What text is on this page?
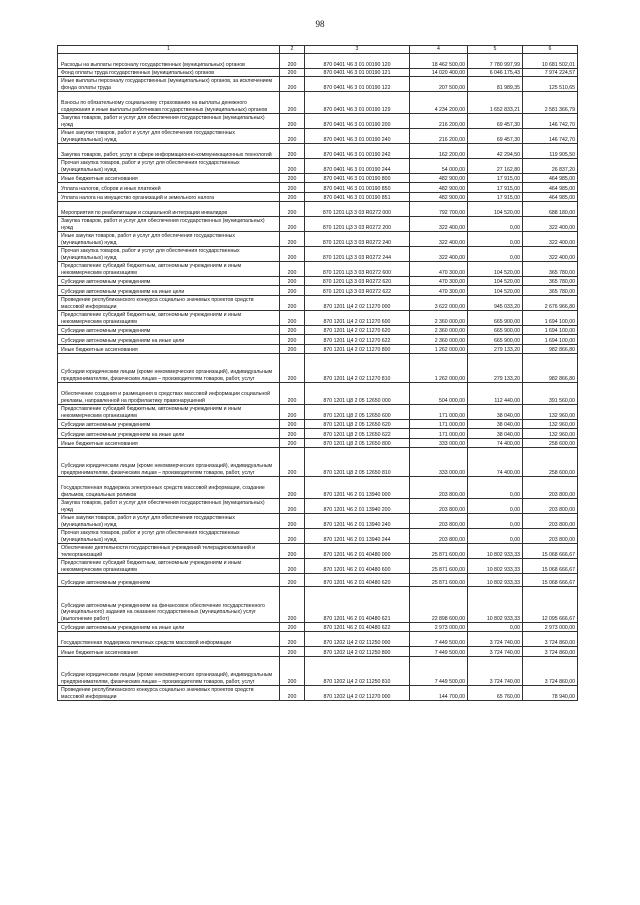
98
1	2	3	4	5	6
Расходы на выплаты персоналу государственных (муниципальных) органов	200	870 0401 Ч6 3 01 00190 120	18 462 500,00	7 780 997,99	10 681 502,01
Фонд оплаты труда государственных (муниципальных) органов	200	870 0401 Ч6 3 01 00190 121	14 020 400,00	6 046 175,43	7 974 224,57
Иные выплаты персоналу государственных (муниципальных) органов, за исключением фонда оплаты труда	200	870 0401 Ч6 3 01 00190 122	207 500,00	81 989,35	125 510,65
Взносы по обязательному социальному страхованию на выплаты денежного содержания и иные выплаты работникам государственных (муниципальных) органов	200	870 0401 Ч6 3 01 00190 129	4 234 200,00	1 652 833,21	2 581 366,79
Закупка товаров, работ и услуг для обеспечения государственных (муниципальных) нужд	200	870 0401 Ч6 3 01 00190 200	216 200,00	69 457,30	146 742,70
Иные закупки товаров, работ и услуг для обеспечения государственных (муниципальных) нужд	200	870 0401 Ч6 3 01 00190 240	216 200,00	69 457,30	146 742,70
Закупка товаров, работ, услуг в сфере информационно-коммуникационных технологий	200	870 0401 Ч6 3 01 00190 242	162 200,00	42 294,50	119 905,50
Прочая закупка товаров, работ и услуг для обеспечения государственных (муниципальных) нужд	200	870 0401 Ч6 3 01 00190 244	54 000,00	27 162,80	26 837,20
Иные бюджетные ассигнования	200	870 0401 Ч6 3 01 00190 800	482 900,00	17 915,00	464 985,00
Уплата налогов, сборов и иных платежей	200	870 0401 Ч6 3 01 00190 850	482 900,00	17 915,00	464 985,00
Уплата налога на имущество организаций и земельного налога	200	870 0401 Ч6 3 01 00190 851	482 900,00	17 915,00	464 985,00
Мероприятия по реабилитации и социальной интеграции инвалидов	200	870 1201 Ц3 3 03 R0272 000	792 700,00	104 520,00	688 180,00
Закупка товаров, работ и услуг для обеспечения государственных (муниципальных) нужд	200	870 1201 Ц3 3 03 R0272 200	322 400,00	0,00	322 400,00
Иные закупки товаров, работ и услуг для обеспечения государственных (муниципальных) нужд	200	870 1201 Ц3 3 03 R0272 240	322 400,00	0,00	322 400,00
Прочая закупка товаров, работ и услуг для обеспечения государственных (муниципальных) нужд	200	870 1201 Ц3 3 03 R0272 244	322 400,00	0,00	322 400,00
Предоставление субсидий бюджетным, автономным учреждениям и иным некоммерческим организациям	200	870 1201 Ц3 3 03 R0272 600	470 300,00	104 520,00	365 780,00
Субсидии автономным учреждениям	200	870 1201 Ц3 3 03 R0272 620	470 300,00	104 520,00	365 780,00
Субсидии автономным учреждениям на иные цели	200	870 1201 Ц3 3 03 R0272 622	470 300,00	104 520,00	365 780,00
Проведение республиканского конкурса социально значимых проектов средств массовой информации	200	870 1201 Ц4 2 02 11270 000	3 622 000,00	945 033,20	2 676 966,80
Предоставление субсидий бюджетным, автономным учреждениям и иным некоммерческим организациям	200	870 1201 Ц4 2 02 11270 600	2 360 000,00	665 900,00	1 694 100,00
Субсидии автономным учреждениям	200	870 1201 Ц4 2 02 11270 620	2 360 000,00	665 900,00	1 694 100,00
Субсидии автономным учреждениям на иные цели	200	870 1201 Ц4 2 02 11270 622	2 360 000,00	665 900,00	1 694 100,00
Иные бюджетные ассигнования	200	870 1201 Ц4 2 02 11270 800	1 262 000,00	279 133,20	982 866,80
Субсидии юридическим лицам (кроме некоммерческих организаций), индивидуальным предпринимателям, физическим лицам – производителям товаров, работ, услуг	200	870 1201 Ц4 2 02 11270 810	1 262 000,00	279 133,20	982 866,80
Обеспечение создания и размещения в средствах массовой информации социальной рекламы, направленной на профилактику правонарушений	200	870 1201 Ц8 2 05 12650 000	504 000,00	112 440,00	391 560,00
Предоставление субсидий бюджетным, автономным учреждениям и иным некоммерческим организациям	200	870 1201 Ц8 2 05 12650 600	171 000,00	38 040,00	132 960,00
Субсидии автономным учреждениям	200	870 1201 Ц8 2 05 12650 620	171 000,00	38 040,00	132 960,00
Субсидии автономным учреждениям на иные цели	200	870 1201 Ц8 2 05 12650 622	171 000,00	38 040,00	132 960,00
Иные бюджетные ассигнования	200	870 1201 Ц8 2 05 12650 800	333 000,00	74 400,00	258 600,00
Субсидии юридическим лицам (кроме некоммерческих организаций), индивидуальным предпринимателям, физическим лицам – производителям товаров, работ, услуг	200	870 1201 Ц8 2 05 12650 810	333 000,00	74 400,00	258 600,00
Государственная поддержка электронных средств массовой информации, создание фильмов, социальных роликов	200	870 1201 Ч6 2 01 13940 000	203 800,00	0,00	203 800,00
Закупка товаров, работ и услуг для обеспечения государственных (муниципальных) нужд	200	870 1201 Ч6 2 01 13940 200	203 800,00	0,00	203 800,00
Иные закупки товаров, работ и услуг для обеспечения государственных (муниципальных) нужд	200	870 1201 Ч6 2 01 13940 240	203 800,00	0,00	203 800,00
Прочая закупка товаров, работ и услуг для обеспечения государственных (муниципальных) нужд	200	870 1201 Ч6 2 01 13940 244	203 800,00	0,00	203 800,00
Обеспечение деятельности государственных учреждений телерадиокомпаний и телеорганизаций	200	870 1201 Ч6 2 01 40480 000	25 871 600,00	10 802 933,33	15 068 666,67
Предоставление субсидий бюджетным, автономным учреждениям и иным некоммерческим организациям	200	870 1201 Ч6 2 01 40480 600	25 871 600,00	10 802 933,33	15 068 666,67
Субсидии автономным учреждениям	200	870 1201 Ч6 2 01 40480 620	25 871 600,00	10 802 933,33	15 068 666,67
Субсидии автономным учреждениям на финансовое обеспечение государственного (муниципального) задания на оказание государственных (муниципальных) услуг (выполнение работ)	200	870 1201 Ч6 2 01 40480 621	22 898 600,00	10 802 933,33	12 095 666,67
Субсидии автономным учреждениям на иные цели	200	870 1201 Ч6 2 01 40480 622	2 973 000,00	0,00	2 973 000,00
Государственная поддержка печатных средств массовой информации	200	870 1202 Ц4 2 02 11250 000	7 449 500,00	3 724 740,00	3 724 860,00
Иные бюджетные ассигнования	200	870 1202 Ц4 2 02 11250 800	7 449 500,00	3 724 740,00	3 724 860,00
Субсидии юридическим лицам (кроме некоммерческих организаций), индивидуальным предпринимателям, физическим лицам – производителям товаров, работ, услуг	200	870 1202 Ц4 2 02 11250 810	7 449 500,00	3 724 740,00	3 724 860,00
Проведение республиканского конкурса социально значимых проектов средств массовой информации	200	870 1202 Ц4 2 02 11270 000	144 700,00	65 760,00	78 940,00
